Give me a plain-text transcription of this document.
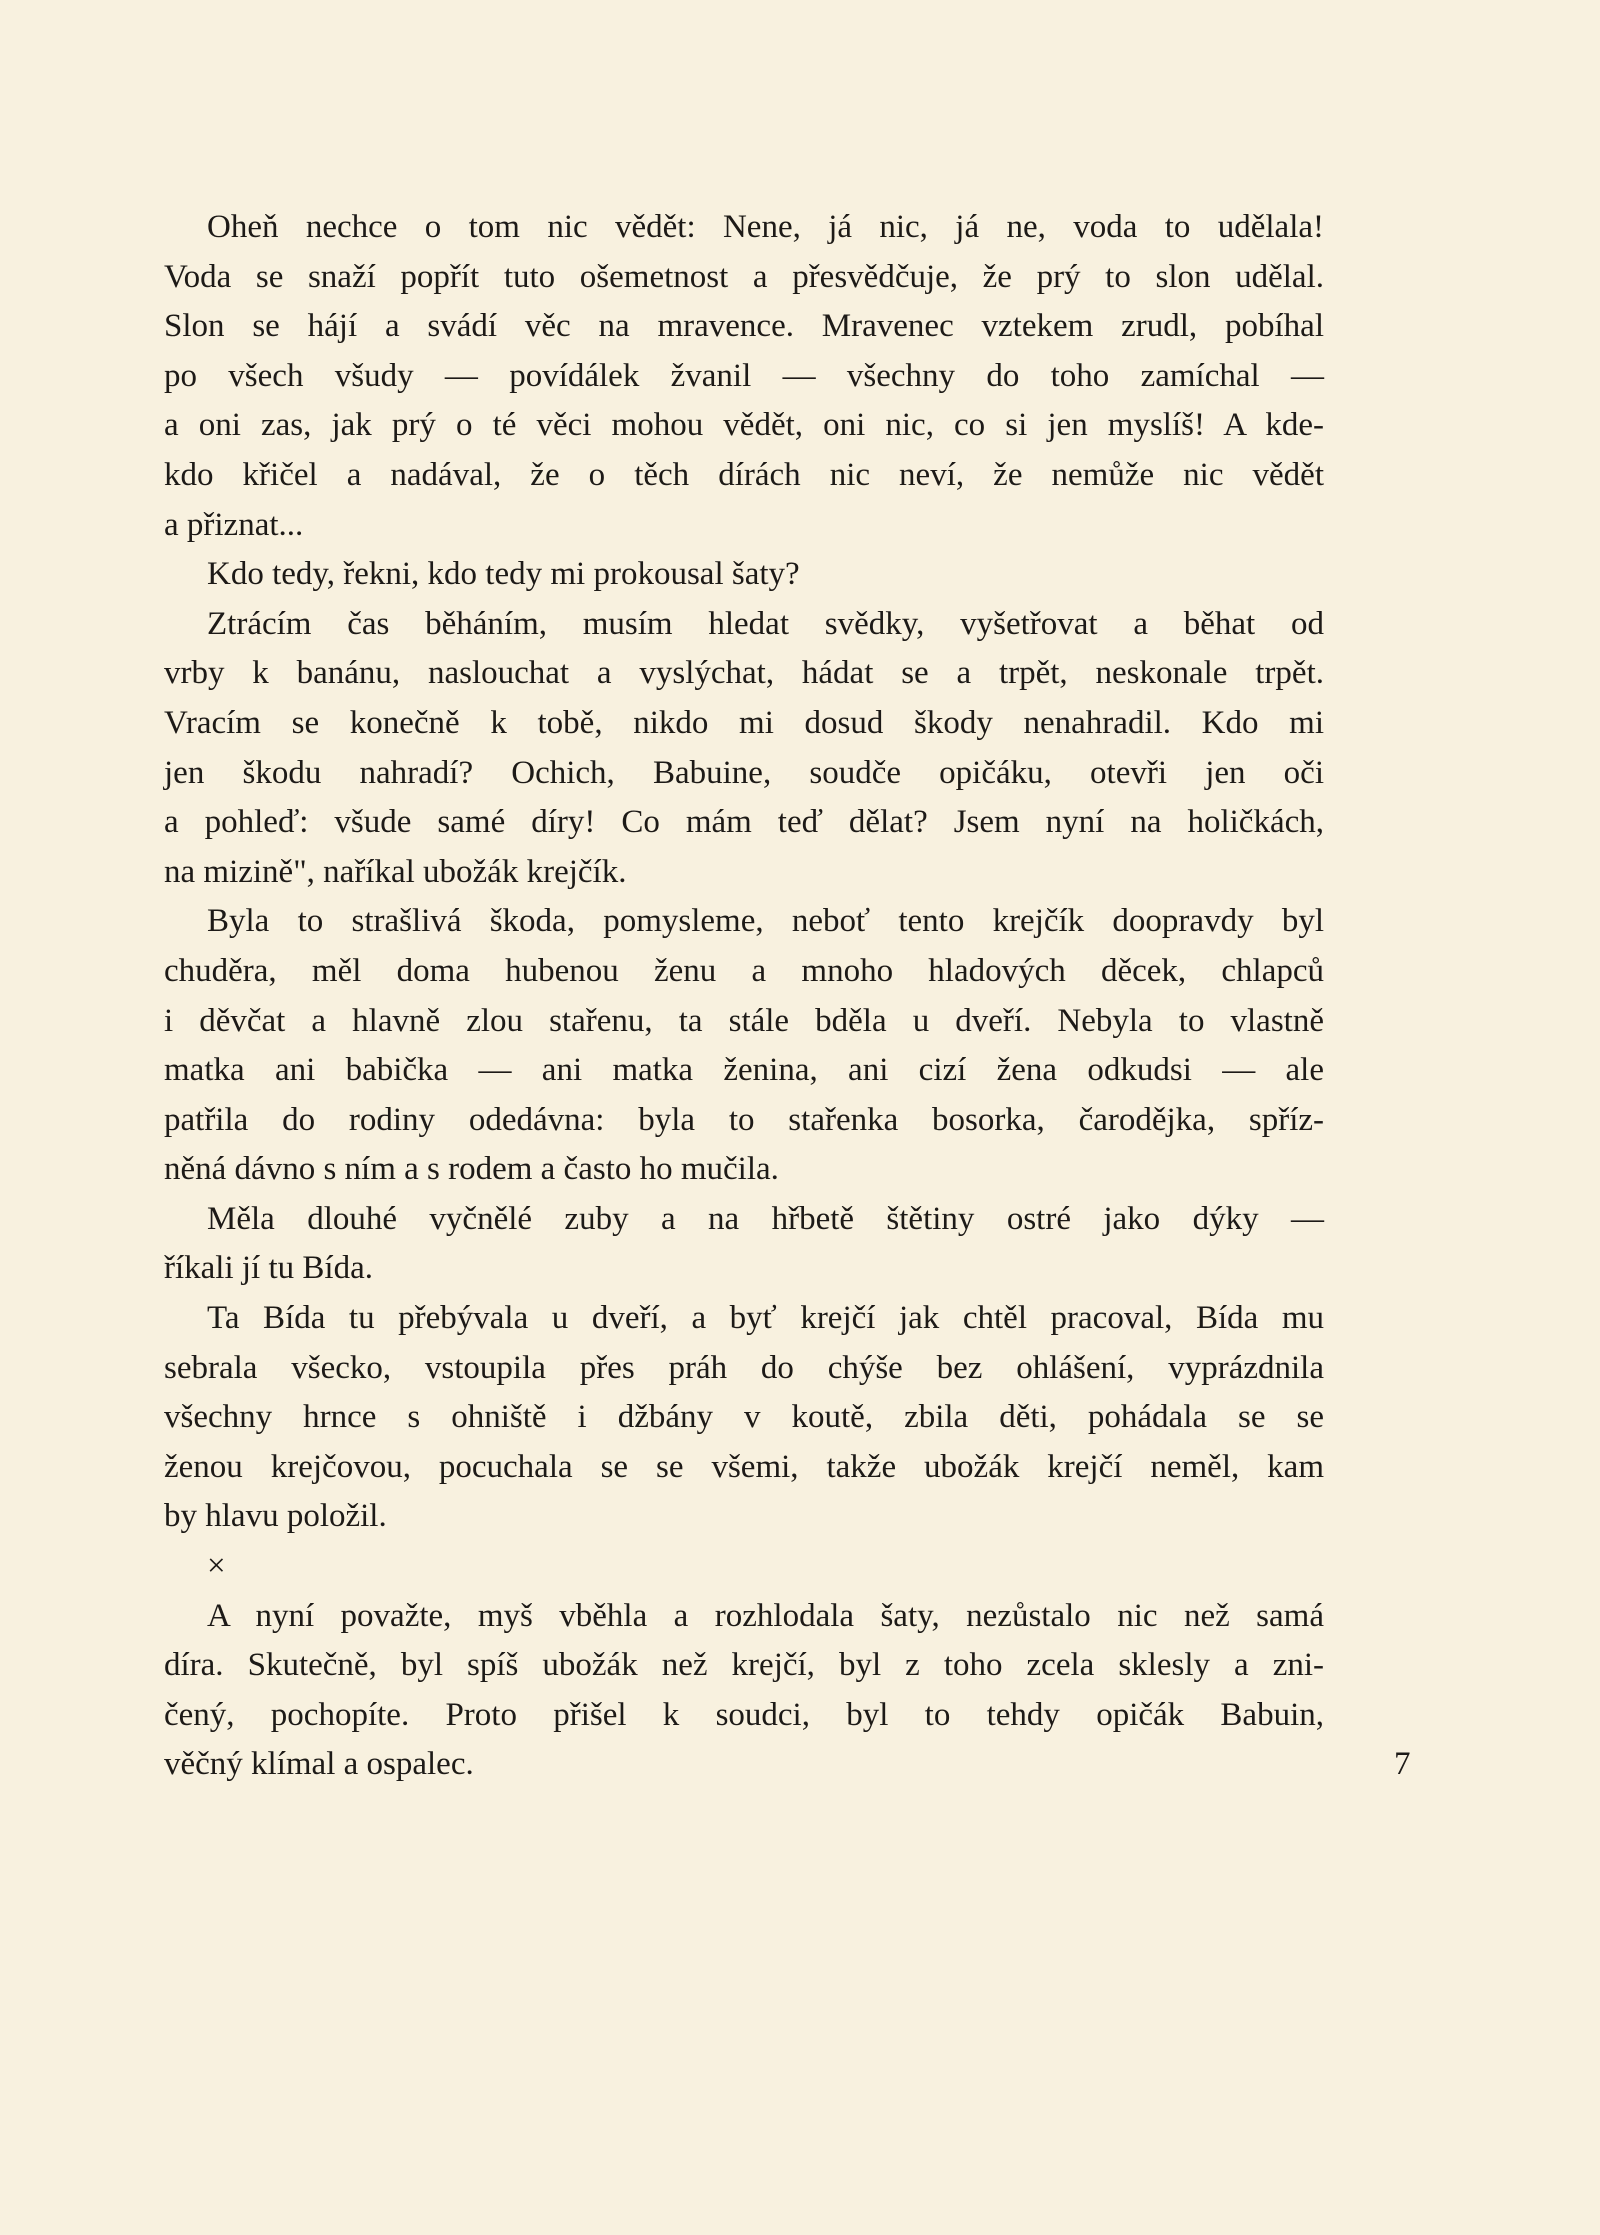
Oheň nechce o tom nic vědět: Nene, já nic, já ne, voda to udělala!
Voda se snaží popřít tuto ošemetnost a přesvědčuje, že prý to slon udělal.
Slon se hájí a svádí věc na mravence. Mravenec vztekem zrudl, pobíhal
po všech všudy — povídálek žvanil — všechny do toho zamíchal —
a oni zas, jak prý o té věci mohou vědět, oni nic, co si jen myslíš! A kde-
kdo křičel a nadával, že o těch dírách nic neví, že nemůže nic vědět
a přiznat...
Kdo tedy, řekni, kdo tedy mi prokousal šaty?
Ztrácím čas běháním, musím hledat svědky, vyšetřovat a běhat od
vrby k banánu, naslouchat a vyslýchat, hádat se a trpět, neskonale trpět.
Vracím se konečně k tobě, nikdo mi dosud škody nenahradil. Kdo mi
jen škodu nahradí? Ochich, Babuine, soudče opičáku, otevři jen oči
a pohleď: všude samé díry! Co mám teď dělat? Jsem nyní na holičkách,
na mizině", naříkal ubožák krejčík.
Byla to strašlivá škoda, pomysleme, neboť tento krejčík doopravdy byl
chuděra, měl doma hubenou ženu a mnoho hladových děcek, chlapců
i děvčat a hlavně zlou stařenu, ta stále bděla u dveří. Nebyla to vlastně
matka ani babička — ani matka ženina, ani cizí žena odkudsi — ale
patřila do rodiny odedávna: byla to stařenka bosorka, čarodějka, spříz-
něná dávno s ním a s rodem a často ho mučila.
Měla dlouhé vyčnělé zuby a na hřbetě štětiny ostré jako dýky —
říkali jí tu Bída.
Ta Bída tu přebývala u dveří, a byť krejčí jak chtěl pracoval, Bída mu
sebrala všecko, vstoupila přes práh do chýše bez ohlášení, vyprázdnila
všechny hrnce s ohniště i džbány v koutě, zbila děti, pohádala se se
ženou krejčovou, pocuchala se se všemi, takže ubožák krejčí neměl, kam
by hlavu položil.
×
A nyní považte, myš vběhla a rozhlodala šaty, nezůstalo nic než samá
díra. Skutečně, byl spíš ubožák než krejčí, byl z toho zcela sklesly a zni-
čený, pochopíte. Proto přišel k soudci, byl to tehdy opičák Babuin,
věčný klímal a ospalec.	7
